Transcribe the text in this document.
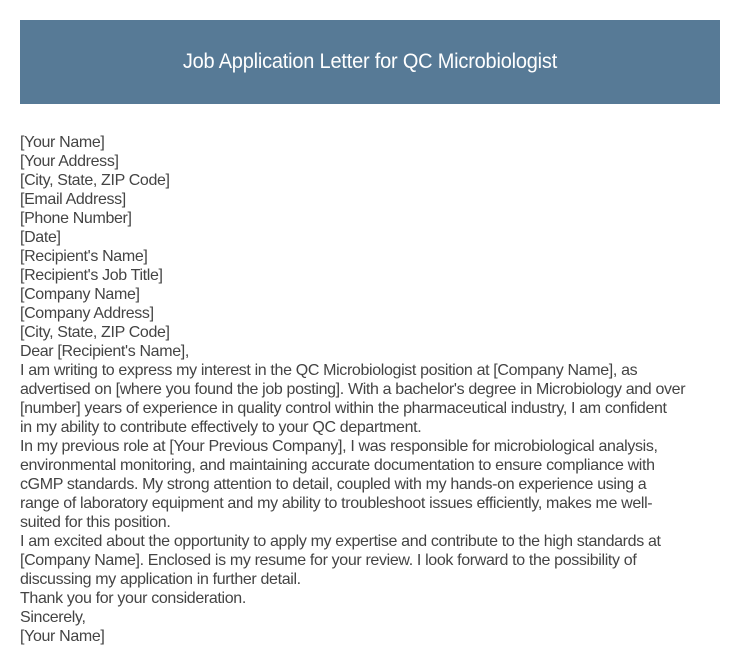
Job Application Letter for QC Microbiologist
[Your Name]
[Your Address]
[City, State, ZIP Code]
[Email Address]
[Phone Number]
[Date]
[Recipient's Name]
[Recipient's Job Title]
[Company Name]
[Company Address]
[City, State, ZIP Code]
Dear [Recipient's Name],

I am writing to express my interest in the QC Microbiologist position at [Company Name], as
advertised on [where you found the job posting]. With a bachelor's degree in Microbiology and over
[number] years of experience in quality control within the pharmaceutical industry, I am confident
in my ability to contribute effectively to your QC department.

In my previous role at [Your Previous Company], I was responsible for microbiological analysis,
environmental monitoring, and maintaining accurate documentation to ensure compliance with
cGMP standards. My strong attention to detail, coupled with my hands-on experience using a
range of laboratory equipment and my ability to troubleshoot issues efficiently, makes me well-
suited for this position.

I am excited about the opportunity to apply my expertise and contribute to the high standards at
[Company Name]. Enclosed is my resume for your review. I look forward to the possibility of
discussing my application in further detail.

Thank you for your consideration.
Sincerely,
[Your Name]
